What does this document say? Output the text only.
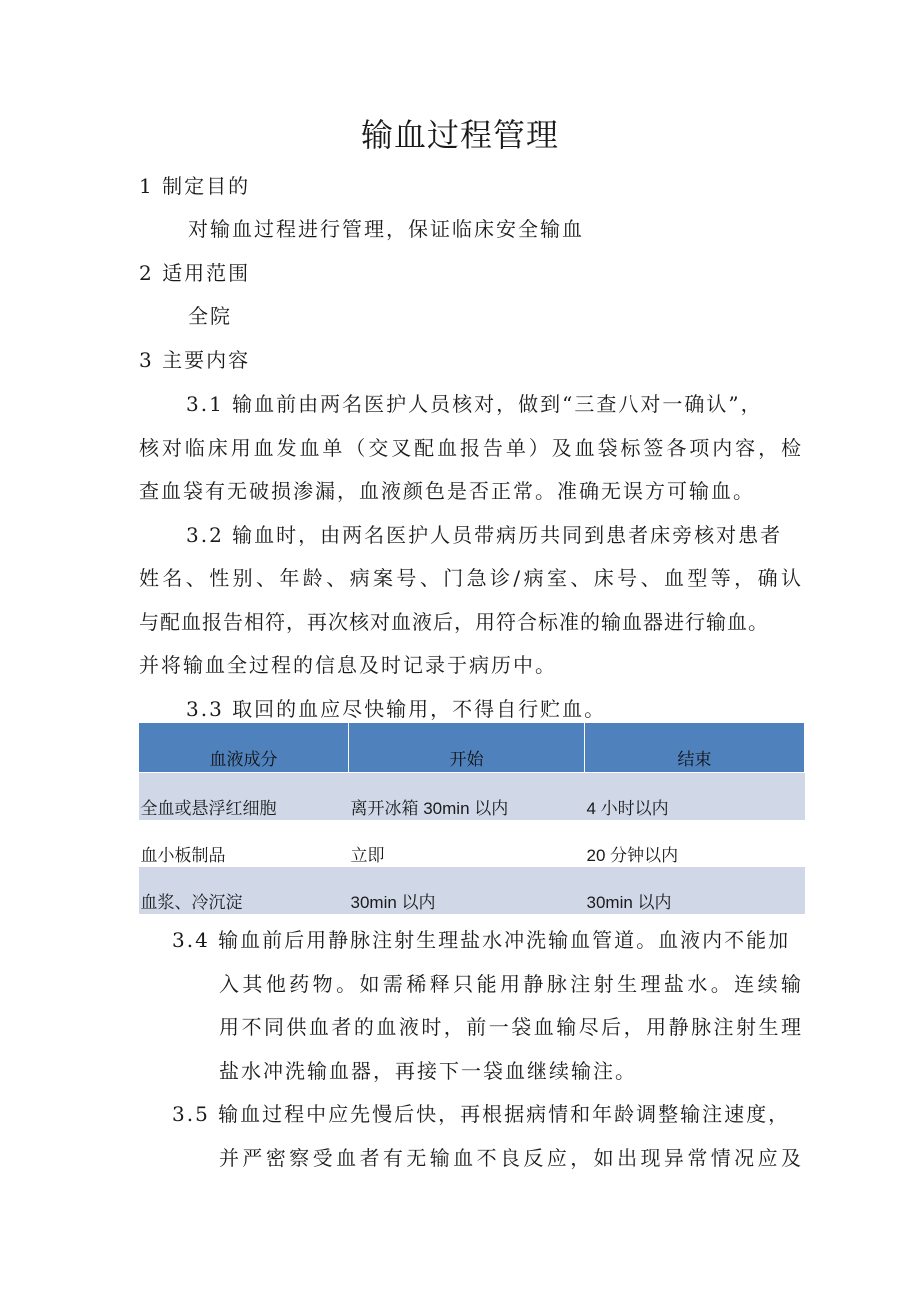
输血过程管理
1 制定目的
对输血过程进行管理，保证临床安全输血
2 适用范围
全院
3 主要内容
3.1 输血前由两名医护人员核对，做到“三查八对一确认”，
核对临床用血发血单（交叉配血报告单）及血袋标签各项内容，检
查血袋有无破损渗漏，血液颜色是否正常。准确无误方可输血。
3.2 输血时，由两名医护人员带病历共同到患者床旁核对患者
姓名、性别、年龄、病案号、门急诊/病室、床号、血型等，确认
与配血报告相符，再次核对血液后，用符合标准的输血器进行输血。
并将输血全过程的信息及时记录于病历中。
3.3 取回的血应尽快输用，不得自行贮血。
血液成分	开始	结束
全血或悬浮红细胞	离开冰箱 30min 以内	4 小时以内
血小板制品	立即	20 分钟以内
血浆、冷沉淀	30min 以内	30min 以内
3.4 输血前后用静脉注射生理盐水冲洗输血管道。血液内不能加
入其他药物。如需稀释只能用静脉注射生理盐水。连续输
用不同供血者的血液时，前一袋血输尽后，用静脉注射生理
盐水冲洗输血器，再接下一袋血继续输注。
3.5 输血过程中应先慢后快，再根据病情和年龄调整输注速度，
并严密察受血者有无输血不良反应，如出现异常情况应及
